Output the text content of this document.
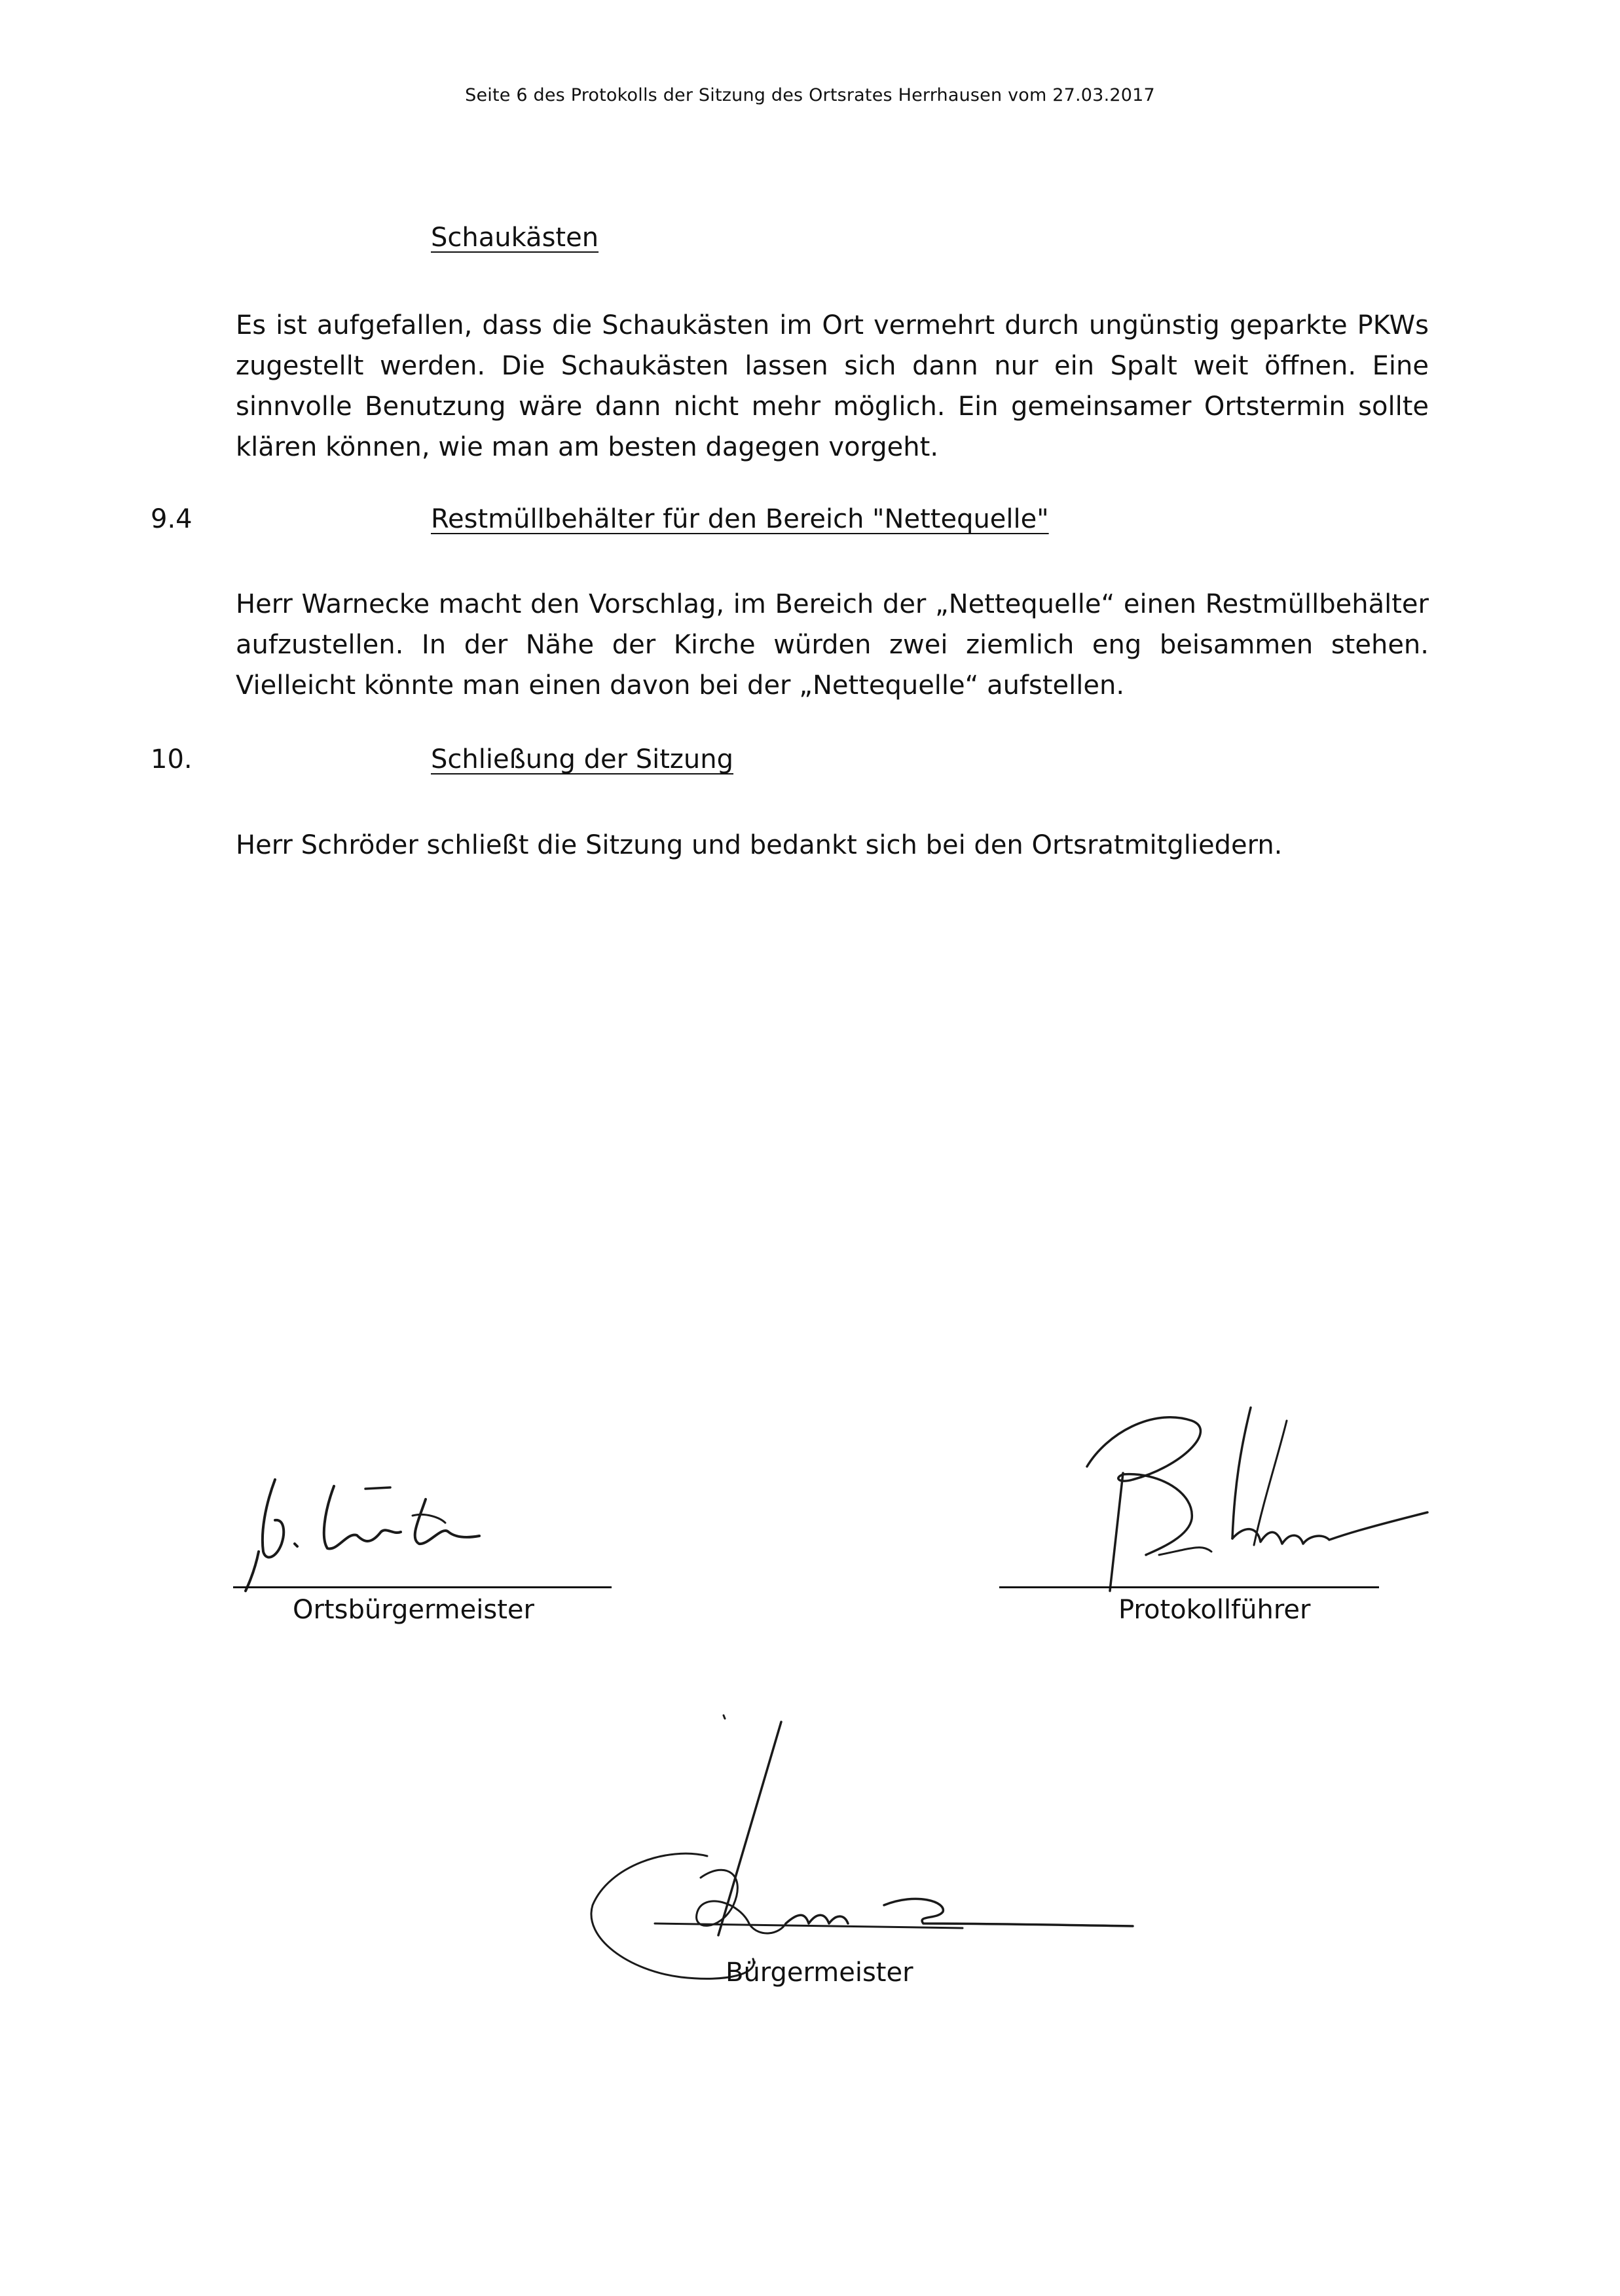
Seite 6 des Protokolls der Sitzung des Ortsrates Herrhausen vom 27.03.2017
Schaukästen
Es ist aufgefallen, dass die Schaukästen im Ort vermehrt durch ungünstig geparkte PKWs zugestellt werden. Die Schaukästen lassen sich dann nur ein Spalt weit öffnen. Eine sinnvolle Benutzung wäre dann nicht mehr möglich. Ein gemeinsamer Ortstermin sollte klären können, wie man am besten dagegen vorgeht.
9.4	Restmüllbehälter für den Bereich "Nettequelle"
Herr Warnecke macht den Vorschlag, im Bereich der „Nettequelle“ einen Restmüllbehälter aufzustellen. In der Nähe der Kirche würden zwei ziemlich eng beisammen stehen. Vielleicht könnte man einen davon bei der „Nettequelle“ aufstellen.
10.	Schließung der Sitzung
Herr Schröder schließt die Sitzung und bedankt sich bei den Ortsratmitgliedern.
Ortsbürgermeister	Protokollführer
Bürgermeister
